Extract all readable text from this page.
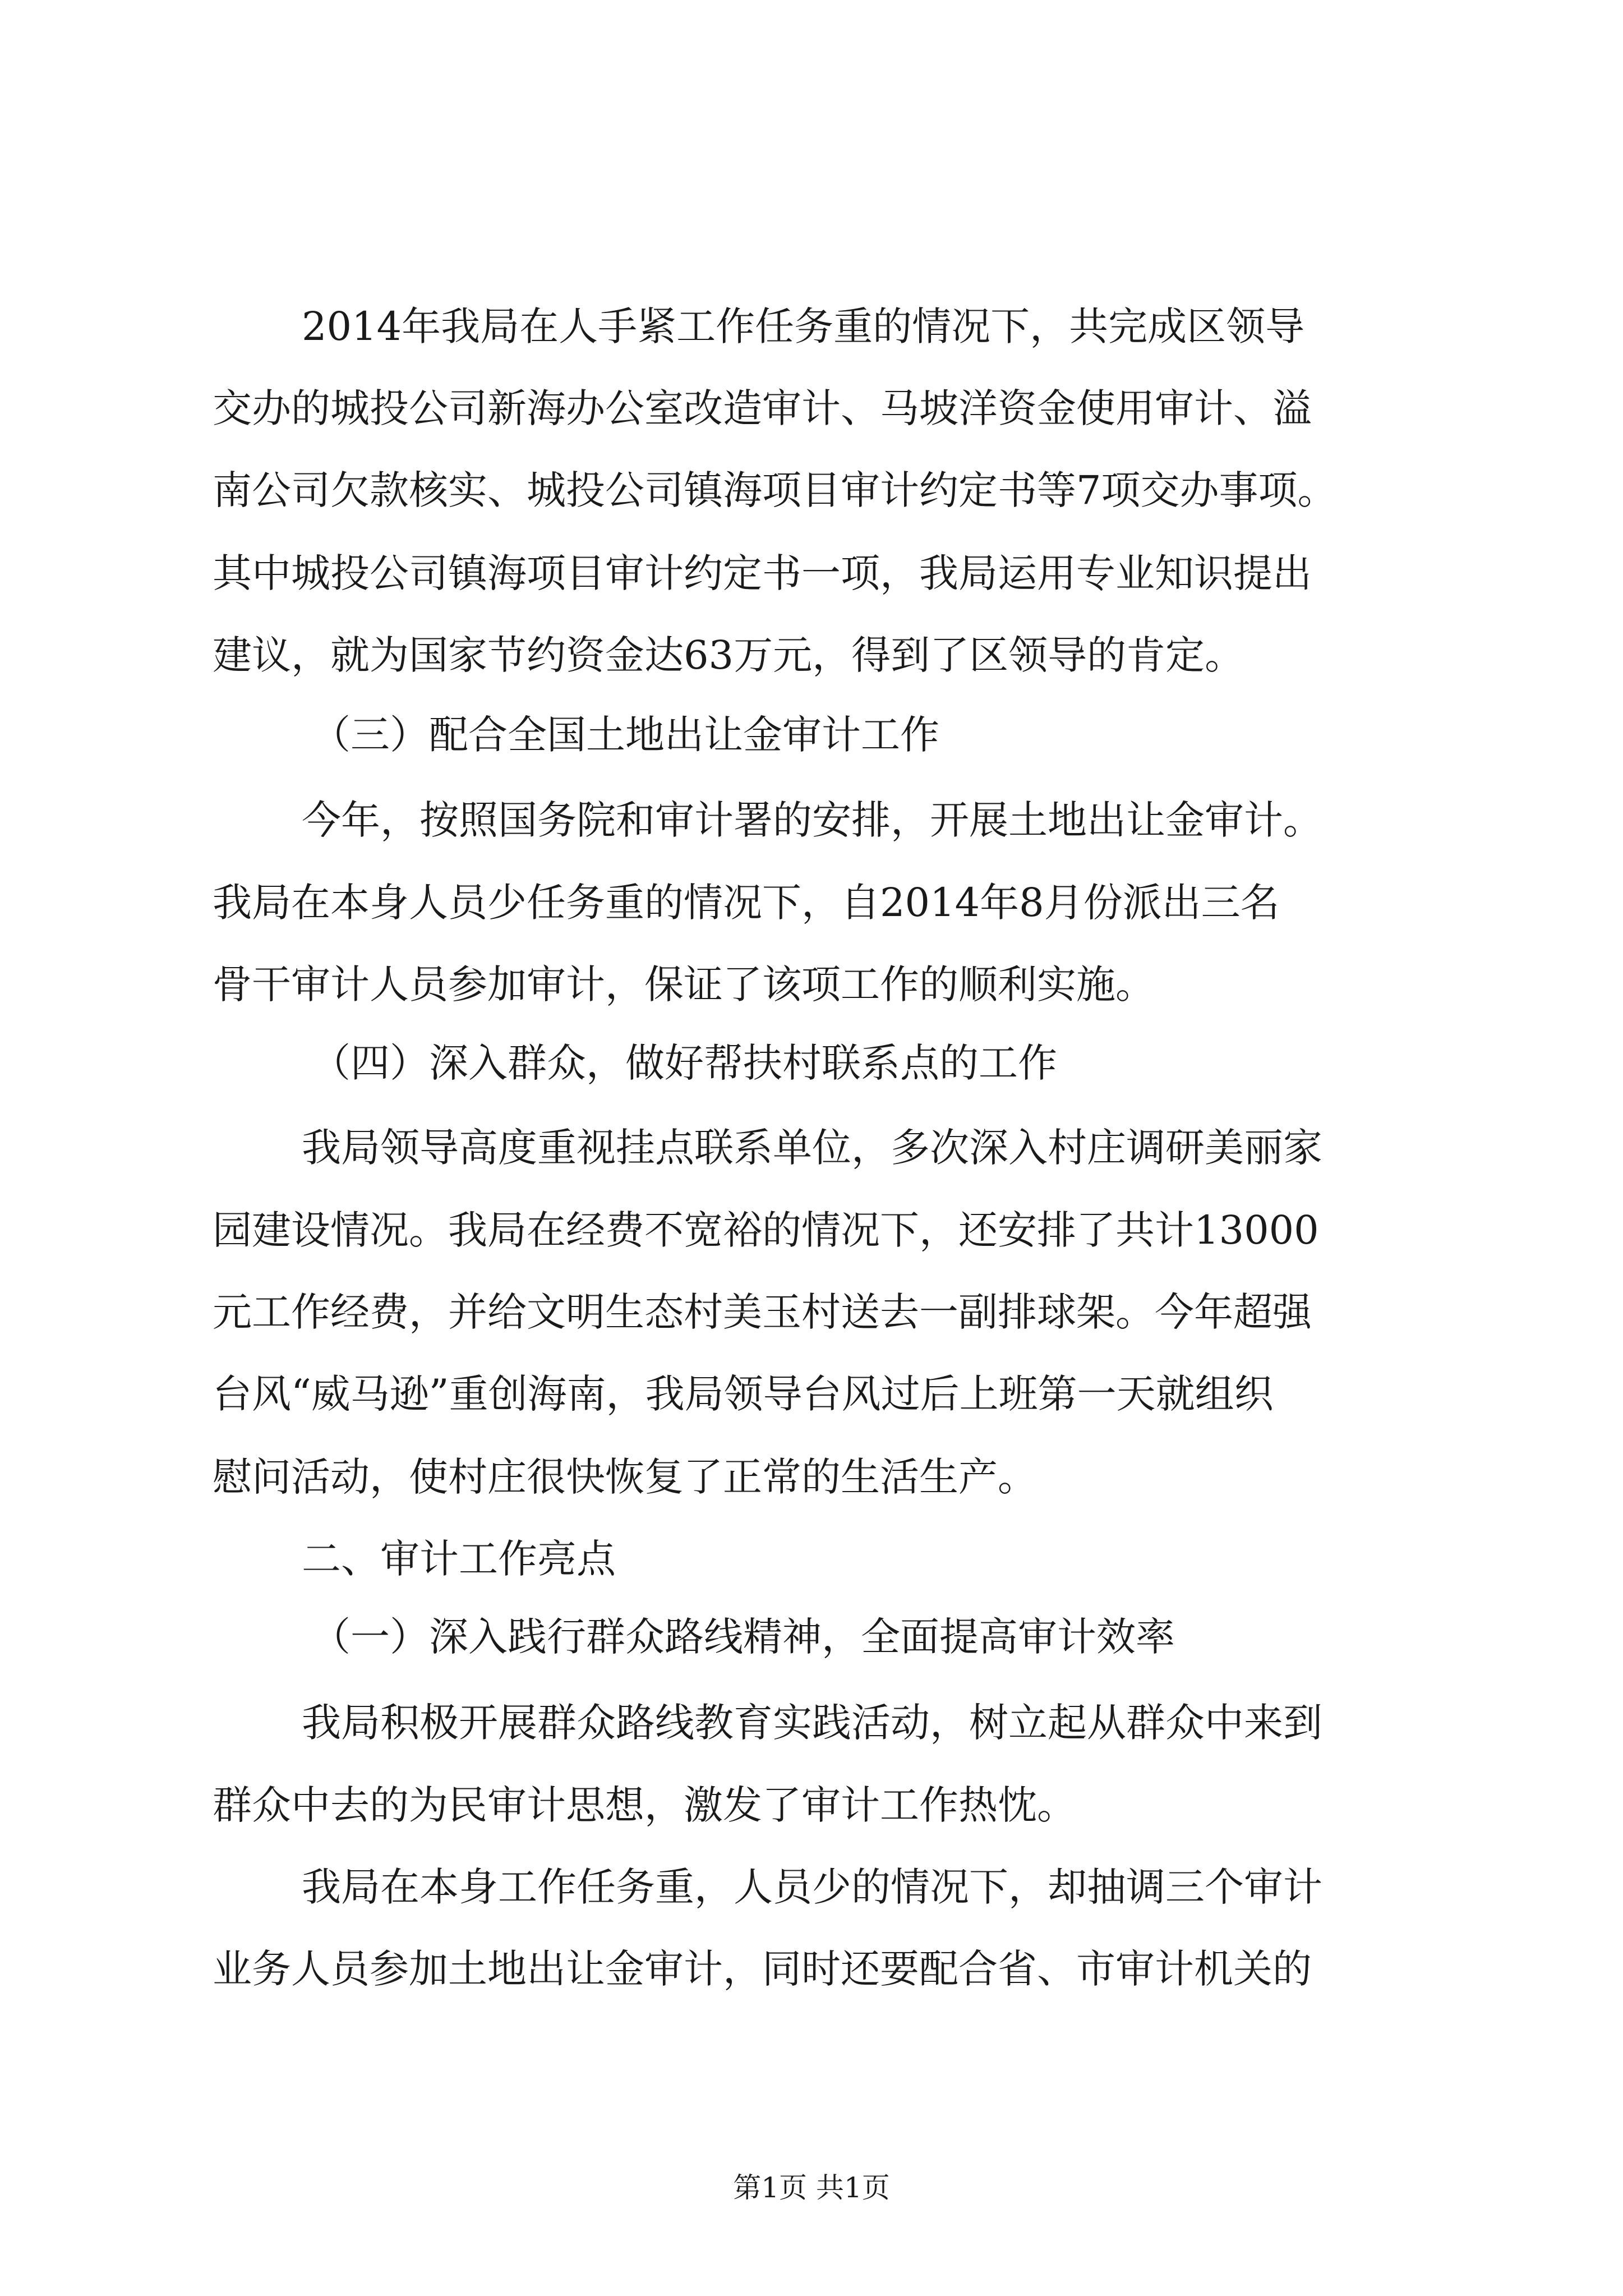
2014年我局在人手紧工作任务重的情况下，共完成区领导
交办的城投公司新海办公室改造审计、马坡洋资金使用审计、溢
南公司欠款核实、城投公司镇海项目审计约定书等7项交办事项。
其中城投公司镇海项目审计约定书一项，我局运用专业知识提出
建议，就为国家节约资金达63万元，得到了区领导的肯定。
（三）配合全国土地出让金审计工作
今年，按照国务院和审计署的安排，开展土地出让金审计。
我局在本身人员少任务重的情况下，自2014年8月份派出三名
骨干审计人员参加审计，保证了该项工作的顺利实施。
（四）深入群众，做好帮扶村联系点的工作
我局领导高度重视挂点联系单位，多次深入村庄调研美丽家
园建设情况。我局在经费不宽裕的情况下，还安排了共计13000
元工作经费，并给文明生态村美玉村送去一副排球架。今年超强
台风“威马逊”重创海南，我局领导台风过后上班第一天就组织
慰问活动，使村庄很快恢复了正常的生活生产。
二、审计工作亮点
（一）深入践行群众路线精神，全面提高审计效率
我局积极开展群众路线教育实践活动，树立起从群众中来到
群众中去的为民审计思想，激发了审计工作热忱。
我局在本身工作任务重，人员少的情况下，却抽调三个审计
业务人员参加土地出让金审计，同时还要配合省、市审计机关的
第1页 共1页
